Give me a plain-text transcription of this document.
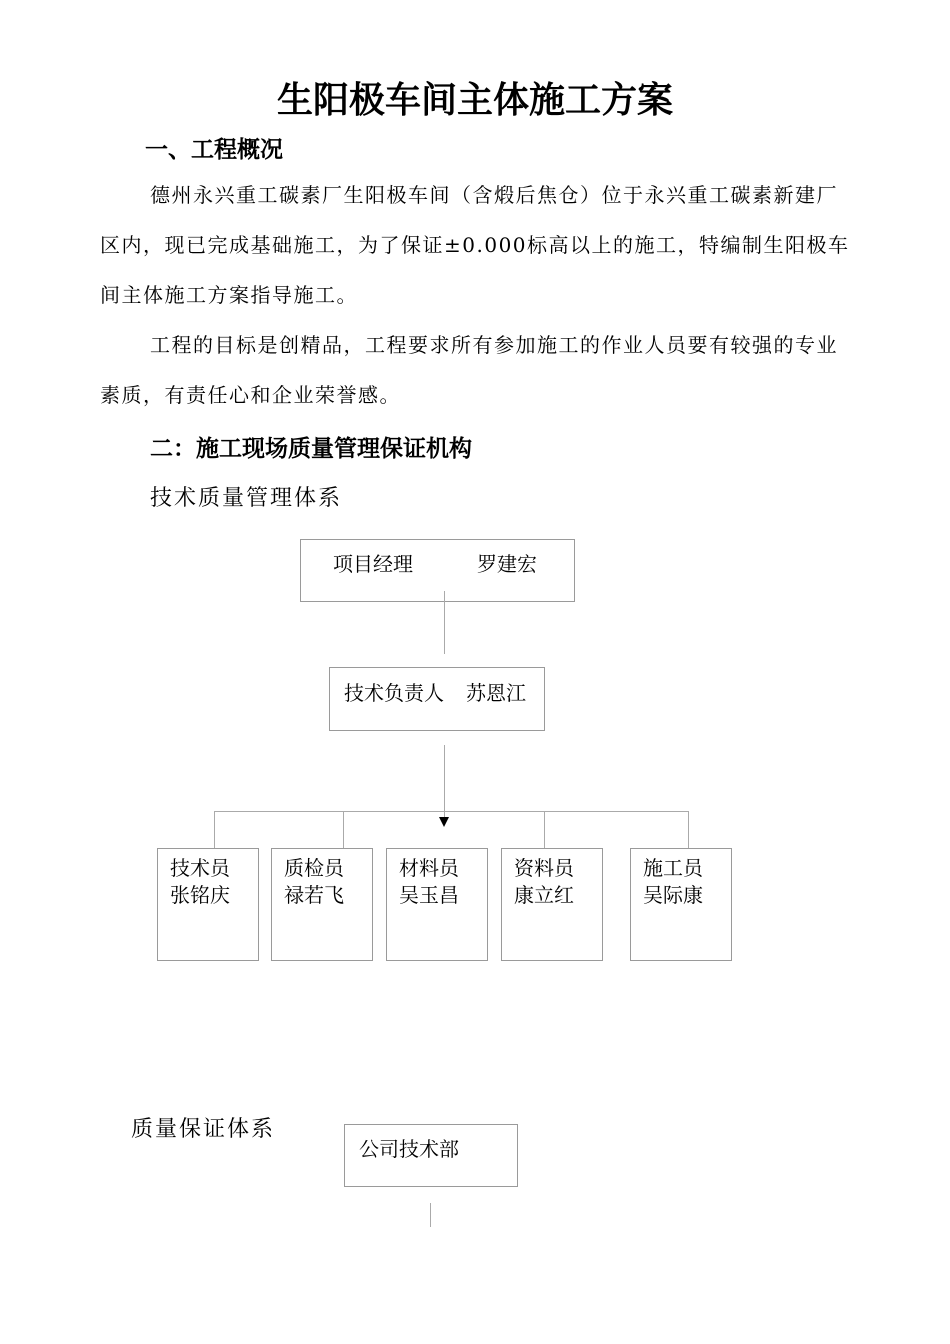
生阳极车间主体施工方案
一、工程概况
德州永兴重工碳素厂生阳极车间（含煅后焦仓）位于永兴重工碳素新建厂区内，现已完成基础施工，为了保证±0.000标高以上的施工，特编制生阳极车间主体施工方案指导施工。
工程的目标是创精品，工程要求所有参加施工的作业人员要有较强的专业素质，有责任心和企业荣誉感。
二：施工现场质量管理保证机构
技术质量管理体系
项目经理	罗建宏
技术负责人 苏恩江
技术员
张铭庆
质检员
禄若飞
材料员
吴玉昌
资料员
康立红
施工员
吴际康
质量保证体系
公司技术部
